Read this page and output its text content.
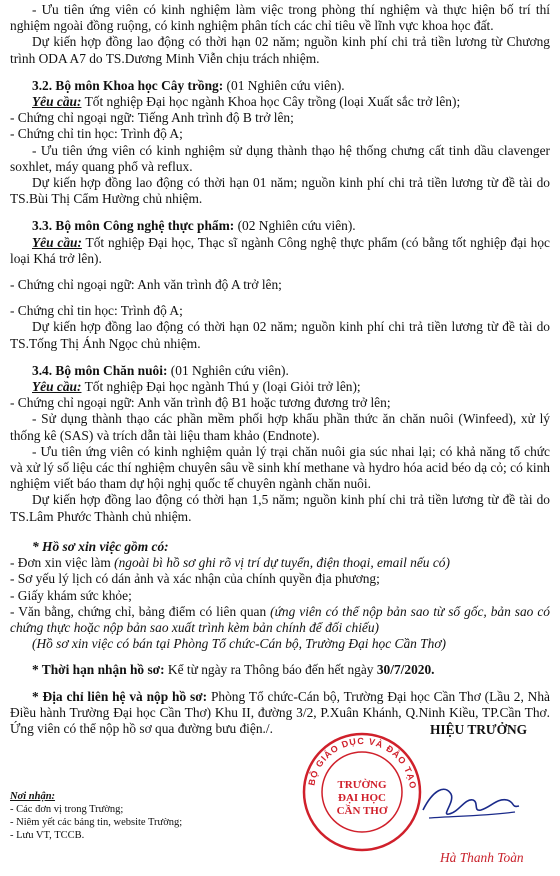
- Ưu tiên ứng viên có kinh nghiệm làm việc trong phòng thí nghiệm và thực hiện bố trí thí nghiệm ngoài đồng ruộng, có kinh nghiệm phân tích các chỉ tiêu về lĩnh vực khoa học đất.

Dự kiến hợp đồng lao động có thời hạn 02 năm; nguồn kinh phí chi trả tiền lương từ Chương trình ODA A7 do TS.Dương Minh Viễn chịu trách nhiệm.

3.2. Bộ môn Khoa học Cây trồng: (01 Nghiên cứu viên).

Yêu cầu: Tốt nghiệp Đại học ngành Khoa học Cây trồng (loại Xuất sắc trở lên);

- Chứng chỉ ngoại ngữ: Tiếng Anh trình độ B trở lên;

- Chứng chỉ tin học: Trình độ A;

- Ưu tiên ứng viên có kinh nghiệm sử dụng thành thạo hệ thống chưng cất tinh dầu clavenger soxhlet, máy quang phổ và reflux.

Dự kiến hợp đồng lao động có thời hạn 01 năm; nguồn kinh phí chi trả tiền lương từ đề tài do TS.Bùi Thị Cẩm Hường chủ nhiệm.

3.3. Bộ môn Công nghệ thực phẩm: (02 Nghiên cứu viên).

Yêu cầu: Tốt nghiệp Đại học, Thạc sĩ ngành Công nghệ thực phẩm (có bằng tốt nghiệp đại học loại Khá trở lên).

- Chứng chỉ ngoại ngữ: Anh văn trình độ A trở lên;

- Chứng chỉ tin học: Trình độ A;

Dự kiến hợp đồng lao động có thời hạn 02 năm; nguồn kinh phí chi trả tiền lương từ đề tài do TS.Tống Thị Ánh Ngọc chủ nhiệm.

3.4. Bộ môn Chăn nuôi: (01 Nghiên cứu viên).

Yêu cầu: Tốt nghiệp Đại học ngành Thú y (loại Giỏi trở lên);

- Chứng chỉ ngoại ngữ: Anh văn trình độ B1 hoặc tương đương trở lên;

- Sử dụng thành thạo các phần mềm phối hợp khẩu phần thức ăn chăn nuôi (Winfeed), xử lý thống kê (SAS) và trích dẫn tài liệu tham khảo (Endnote).

- Ưu tiên ứng viên có kinh nghiệm quản lý trại chăn nuôi gia súc nhai lại; có khả năng tổ chức và xử lý số liệu các thí nghiệm chuyên sâu về sinh khí methane và hydro hóa acid béo dạ cỏ; có kinh nghiệm viết báo tham dự hội nghị quốc tế chuyên ngành chăn nuôi.

Dự kiến hợp đồng lao động có thời hạn 1,5 năm; nguồn kinh phí chi trả tiền lương từ đề tài do TS.Lâm Phước Thành chủ nhiệm.

* Hồ sơ xin việc gồm có:

- Đơn xin việc làm (ngoài bì hồ sơ ghi rõ vị trí dự tuyển, điện thoại, email nếu có)

- Sơ yếu lý lịch có dán ảnh và xác nhận của chính quyền địa phương;

- Giấy khám sức khỏe;

- Văn bằng, chứng chỉ, bảng điểm có liên quan (ứng viên có thể nộp bản sao từ sổ gốc, bản sao có chứng thực hoặc nộp bản sao xuất trình kèm bản chính để đối chiếu)

(Hồ sơ xin việc có bán tại Phòng Tổ chức-Cán bộ, Trường Đại học Cần Thơ)

* Thời hạn nhận hồ sơ: Kể từ ngày ra Thông báo đến hết ngày 30/7/2020.

* Địa chỉ liên hệ và nộp hồ sơ: Phòng Tổ chức-Cán bộ, Trường Đại học Cần Thơ (Lầu 2, Nhà Điều hành Trường Đại học Cần Thơ) Khu II, đường 3/2, P.Xuân Khánh, Q.Ninh Kiều, TP.Cần Thơ. Ứng viên có thể nộp hồ sơ qua đường bưu điện./.

Nơi nhận:
- Các đơn vị trong Trường;
- Niêm yết các bảng tin, website Trường;
- Lưu VT, TCCB.
BỘ GIÁO DỤC VÀ ĐÀO TẠO
TRƯỜNG
ĐẠI HỌC
CẦN THƠ
HIỆU TRƯỞNG
Hà Thanh Toàn
